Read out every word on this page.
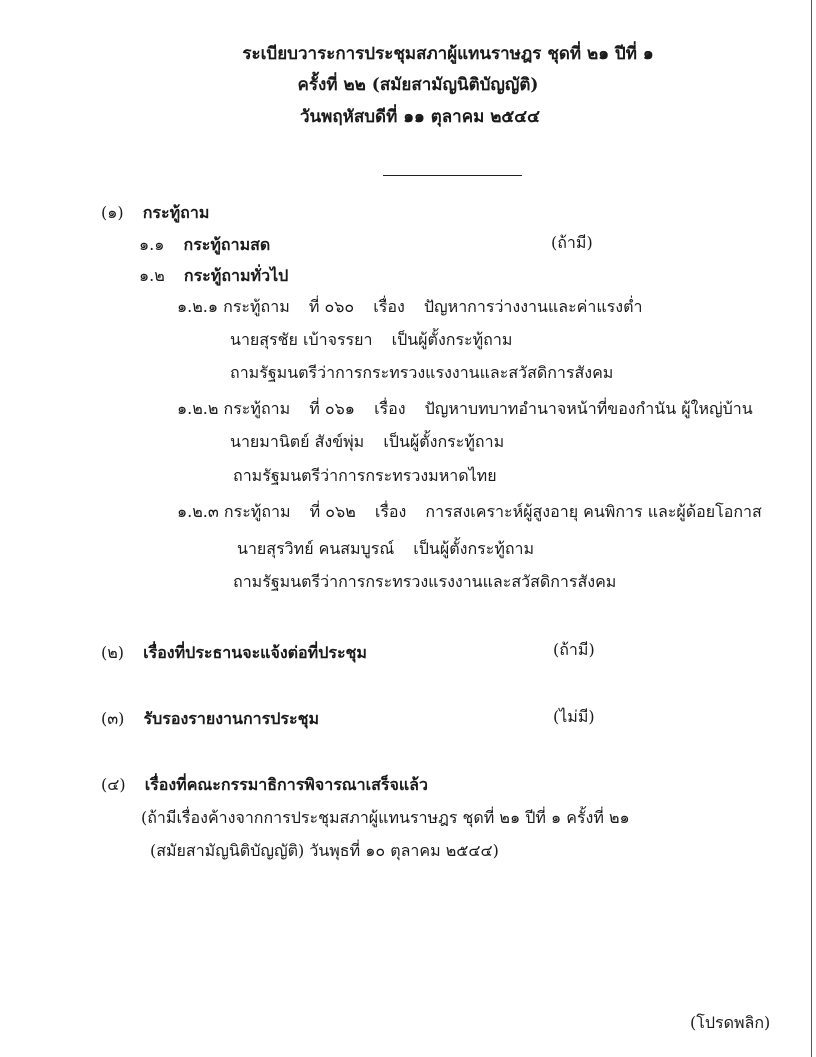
ระเบียบวาระการประชุมสภาผู้แทนราษฎร ชุดที่ ๒๑ ปีที่ ๑
ครั้งที่ ๒๒ (สมัยสามัญนิติบัญญัติ)
วันพฤหัสบดีที่ ๑๑ ตุลาคม ๒๕๔๔
(๑) กระทู้ถาม
๑.๑ กระทู้ถามสด	(ถ้ามี)
๑.๒ กระทู้ถามทั่วไป
๑.๒.๑ กระทู้ถาม ที่ ๐๖๐ เรื่อง ปัญหาการว่างงานและค่าแรงต่ำ
นายสุรชัย เบ้าจรรยา เป็นผู้ตั้งกระทู้ถาม
ถามรัฐมนตรีว่าการกระทรวงแรงงานและสวัสดิการสังคม
๑.๒.๒ กระทู้ถาม ที่ ๐๖๑ เรื่อง ปัญหาบทบาทอำนาจหน้าที่ของกำนัน ผู้ใหญ่บ้าน
นายมานิตย์ สังข์พุ่ม เป็นผู้ตั้งกระทู้ถาม
ถามรัฐมนตรีว่าการกระทรวงมหาดไทย
๑.๒.๓ กระทู้ถาม ที่ ๐๖๒ เรื่อง การสงเคราะห์ผู้สูงอายุ คนพิการ และผู้ด้อยโอกาส
นายสุรวิทย์ คนสมบูรณ์ เป็นผู้ตั้งกระทู้ถาม
ถามรัฐมนตรีว่าการกระทรวงแรงงานและสวัสดิการสังคม
(๒) เรื่องที่ประธานจะแจ้งต่อที่ประชุม	(ถ้ามี)
(๓) รับรองรายงานการประชุม	(ไม่มี)
(๔) เรื่องที่คณะกรรมาธิการพิจารณาเสร็จแล้ว
(ถ้ามีเรื่องค้างจากการประชุมสภาผู้แทนราษฎร ชุดที่ ๒๑ ปีที่ ๑ ครั้งที่ ๒๑
(สมัยสามัญนิติบัญญัติ) วันพุธที่ ๑๐ ตุลาคม ๒๕๔๔)
(โปรดพลิก)
